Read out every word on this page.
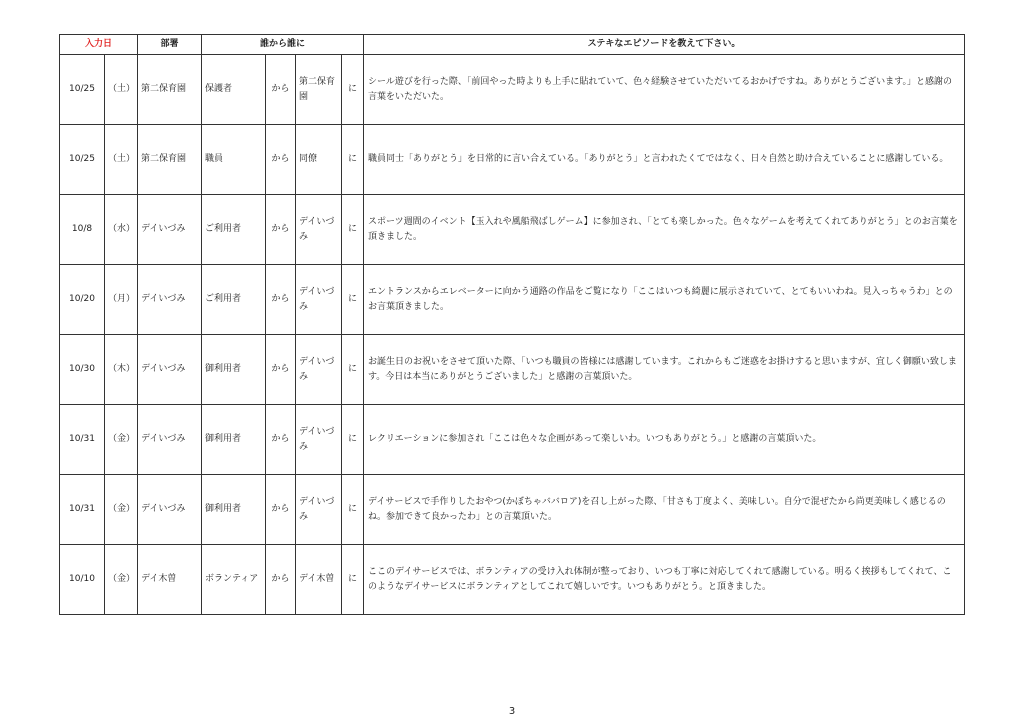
入力日		部署	誰から誰に				ステキなエピソードを教えて下さい。
10/25	（土）	第二保育園	保護者	から	第二保育園	に	シール遊びを行った際、「前回やった時よりも上手に貼れていて、色々経験させていただいてるおかげですね。ありがとうございます。」と感謝の言葉をいただいた。
10/25	（土）	第二保育園	職員	から	同僚	に	職員同士「ありがとう」を日常的に言い合えている。「ありがとう」と言われたくてではなく、日々自然と助け合えていることに感謝している。
10/8	（水）	デイいづみ	ご利用者	から	デイいづみ	に	スポーツ週間のイベント【玉入れや風船飛ばしゲーム】に参加され、「とても楽しかった。色々なゲームを考えてくれてありがとう」とのお言葉を頂きました。
10/20	（月）	デイいづみ	ご利用者	から	デイいづみ	に	エントランスからエレベーターに向かう通路の作品をご覧になり「ここはいつも綺麗に展示されていて、とてもいいわね。見入っちゃうわ」とのお言葉頂きました。
10/30	（木）	デイいづみ	御利用者	から	デイいづみ	に	お誕生日のお祝いをさせて頂いた際、「いつも職員の皆様には感謝しています。これからもご迷惑をお掛けすると思いますが、宜しく御願い致します。今日は本当にありがとうございました」と感謝の言葉頂いた。
10/31	（金）	デイいづみ	御利用者	から	デイいづみ	に	レクリエーションに参加され「ここは色々な企画があって楽しいわ。いつもありがとう。」と感謝の言葉頂いた。
10/31	（金）	デイいづみ	御利用者	から	デイいづみ	に	デイサービスで手作りしたおやつ(かぼちゃババロア)を召し上がった際、「甘さも丁度よく、美味しい。自分で混ぜたから尚更美味しく感じるのね。参加できて良かったわ」との言葉頂いた。
10/10	（金）	デイ木曽	ボランティア	から	デイ木曽	に	ここのデイサービスでは、ボランティアの受け入れ体制が整っており、いつも丁寧に対応してくれて感謝している。明るく挨拶もしてくれて、このようなデイサービスにボランティアとしてこれて嬉しいです。いつもありがとう。と頂きました。
3
